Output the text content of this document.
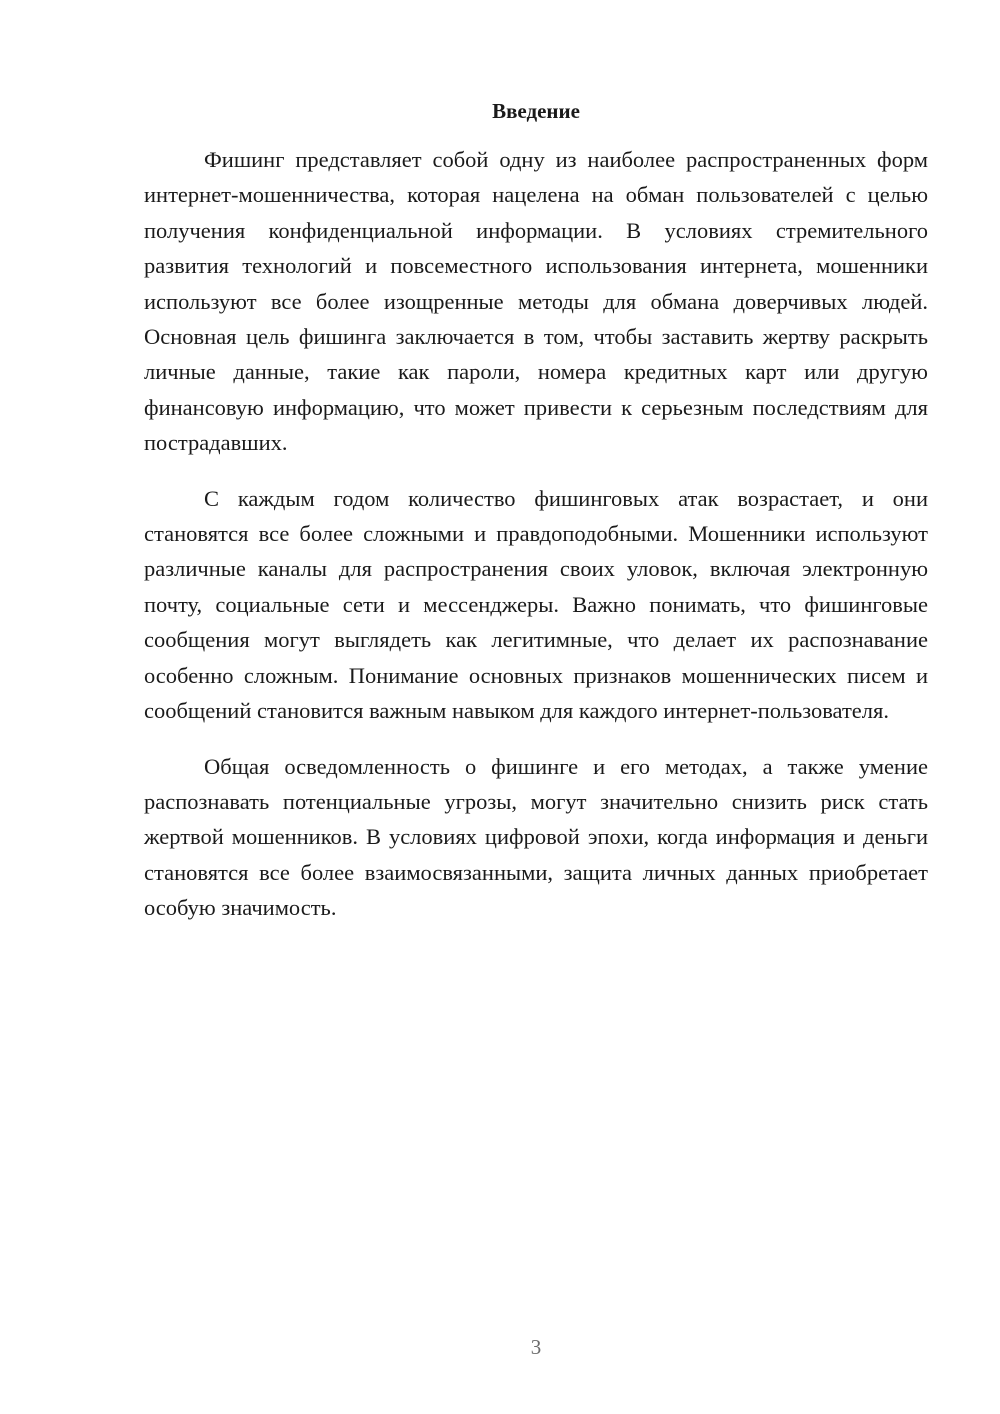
Введение

Фишинг представляет собой одну из наиболее распространенных форм интернет-мошенничества, которая нацелена на обман пользователей с целью получения конфиденциальной информации. В условиях стремительного развития технологий и повсеместного использования интернета, мошенники используют все более изощренные методы для обмана доверчивых людей. Основная цель фишинга заключается в том, чтобы заставить жертву раскрыть личные данные, такие как пароли, номера кредитных карт или другую финансовую информацию, что может привести к серьезным последствиям для пострадавших.

С каждым годом количество фишинговых атак возрастает, и они становятся все более сложными и правдоподобными. Мошенники используют различные каналы для распространения своих уловок, включая электронную почту, социальные сети и мессенджеры. Важно понимать, что фишинговые сообщения могут выглядеть как легитимные, что делает их распознавание особенно сложным. Понимание основных признаков мошеннических писем и сообщений становится важным навыком для каждого интернет-пользователя.

Общая осведомленность о фишинге и его методах, а также умение распознавать потенциальные угрозы, могут значительно снизить риск стать жертвой мошенников. В условиях цифровой эпохи, когда информация и деньги становятся все более взаимосвязанными, защита личных данных приобретает особую значимость.

3
